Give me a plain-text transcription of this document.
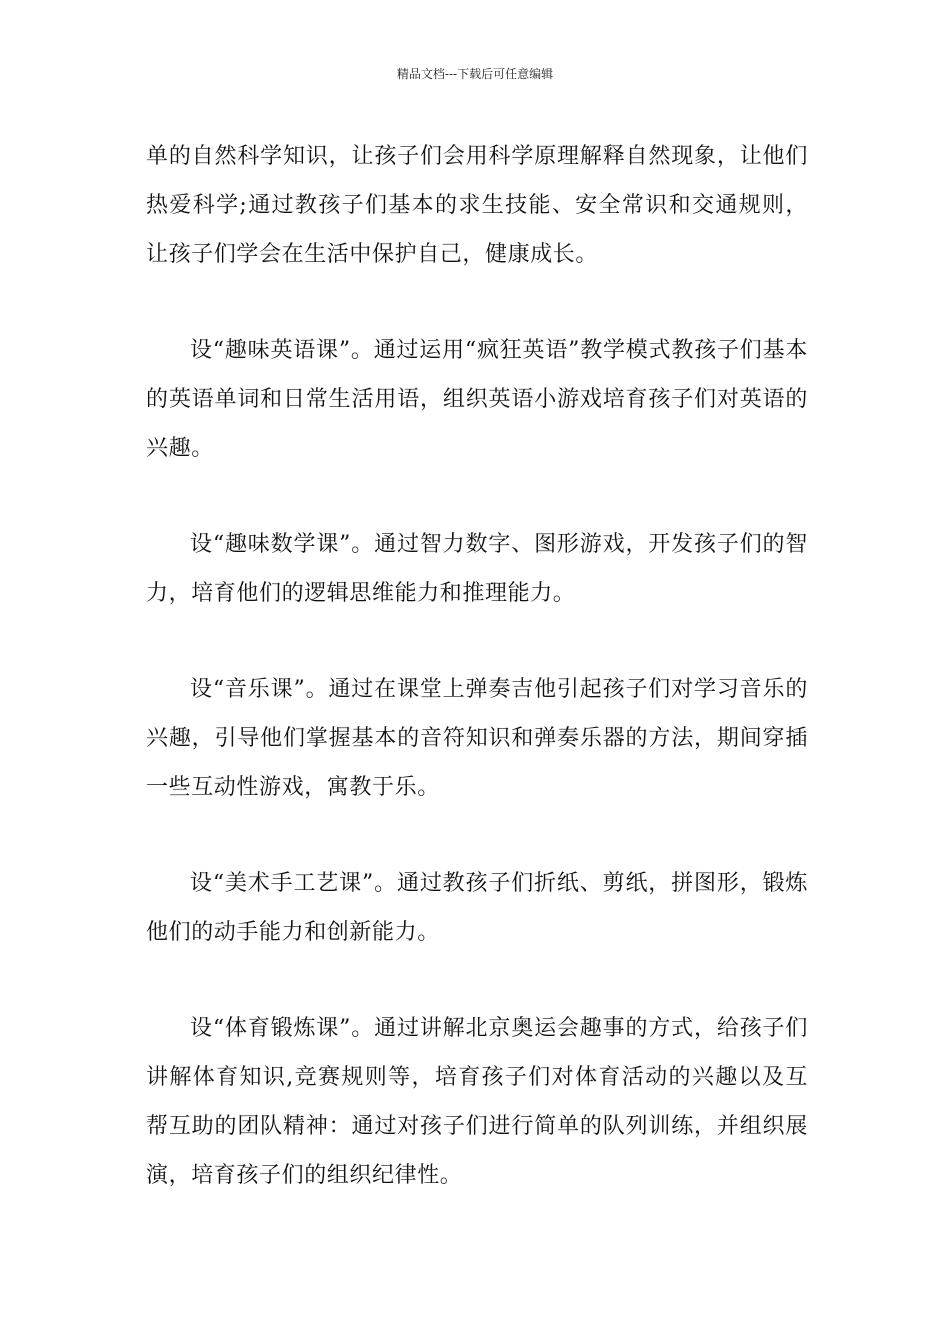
精品文档---下载后可任意编辑

单的自然科学知识，让孩子们会用科学原理解释自然现象，让他们热爱科学;通过教孩子们基本的求生技能、安全常识和交通规则，让孩子们学会在生活中保护自己，健康成长。

设“趣味英语课”。通过运用“疯狂英语”教学模式教孩子们基本的英语单词和日常生活用语，组织英语小游戏培育孩子们对英语的兴趣。

设“趣味数学课”。通过智力数字、图形游戏，开发孩子们的智力，培育他们的逻辑思维能力和推理能力。

设“音乐课”。通过在课堂上弹奏吉他引起孩子们对学习音乐的兴趣，引导他们掌握基本的音符知识和弹奏乐器的方法，期间穿插一些互动性游戏，寓教于乐。

设“美术手工艺课”。通过教孩子们折纸、剪纸，拼图形，锻炼他们的动手能力和创新能力。

设“体育锻炼课”。通过讲解北京奥运会趣事的方式，给孩子们讲解体育知识,竞赛规则等，培育孩子们对体育活动的兴趣以及互帮互助的团队精神：通过对孩子们进行简单的队列训练，并组织展演，培育孩子们的组织纪律性。
